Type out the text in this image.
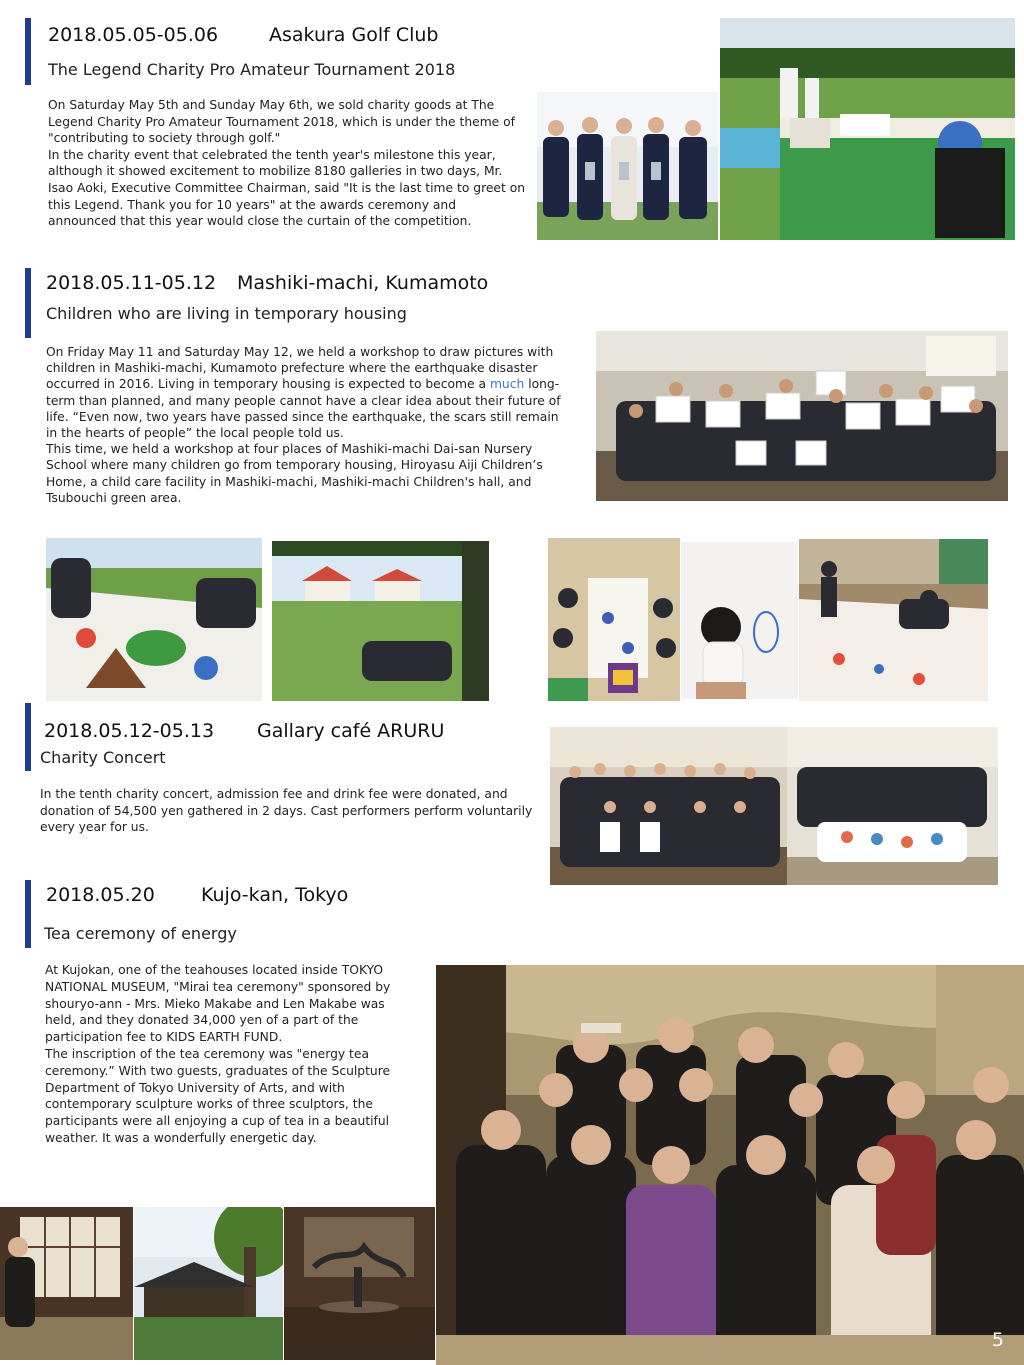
2018.05.05-05.06	Asakura Golf Club
The Legend Charity Pro Amateur Tournament 2018

On Saturday May 5th and Sunday May 6th, we sold charity goods at The Legend Charity Pro Amateur Tournament 2018, which is under the theme of "contributing to society through golf."

In the charity event that celebrated the tenth year's milestone this year, although it showed excitement to mobilize 8180 galleries in two days, Mr. Isao Aoki, Executive Committee Chairman, said "It is the last time to greet on this Legend. Thank you for 10 years" at the awards ceremony and announced that this year would close the curtain of the competition.

2018.05.11-05.12 Mashiki-machi, Kumamoto
Children who are living in temporary housing

On Friday May 11 and Saturday May 12, we held a workshop to draw pictures with children in Mashiki-machi, Kumamoto prefecture where the earthquake disaster occurred in 2016. Living in temporary housing is expected to become a much long-term than planned, and many people cannot have a clear idea about their future of life. “Even now, two years have passed since the earthquake, the scars still remain in the hearts of people” the local people told us.

This time, we held a workshop at four places of Mashiki-machi Dai-san Nursery School where many children go from temporary housing, Hiroyasu Aiji Children’s Home, a child care facility in Mashiki-machi, Mashiki-machi Children's hall, and Tsubouchi green area.

2018.05.12-05.13 Gallary café ARURU
Charity Concert

In the tenth charity concert, admission fee and drink fee were donated, and donation of 54,500 yen gathered in 2 days. Cast performers perform voluntarily every year for us.

2018.05.20 Kujo-kan, Tokyo
Tea ceremony of energy

At Kujokan, one of the teahouses located inside TOKYO NATIONAL MUSEUM, "Mirai tea ceremony" sponsored by shouryo-ann - Mrs. Mieko Makabe and Len Makabe was held, and they donated 34,000 yen of a part of the participation fee to KIDS EARTH FUND.

The inscription of the tea ceremony was "energy tea ceremony.” With two guests, graduates of the Sculpture Department of Tokyo University of Arts, and with contemporary sculpture works of three sculptors, the participants were all enjoying a cup of tea in a beautiful weather. It was a wonderfully energetic day.

5
